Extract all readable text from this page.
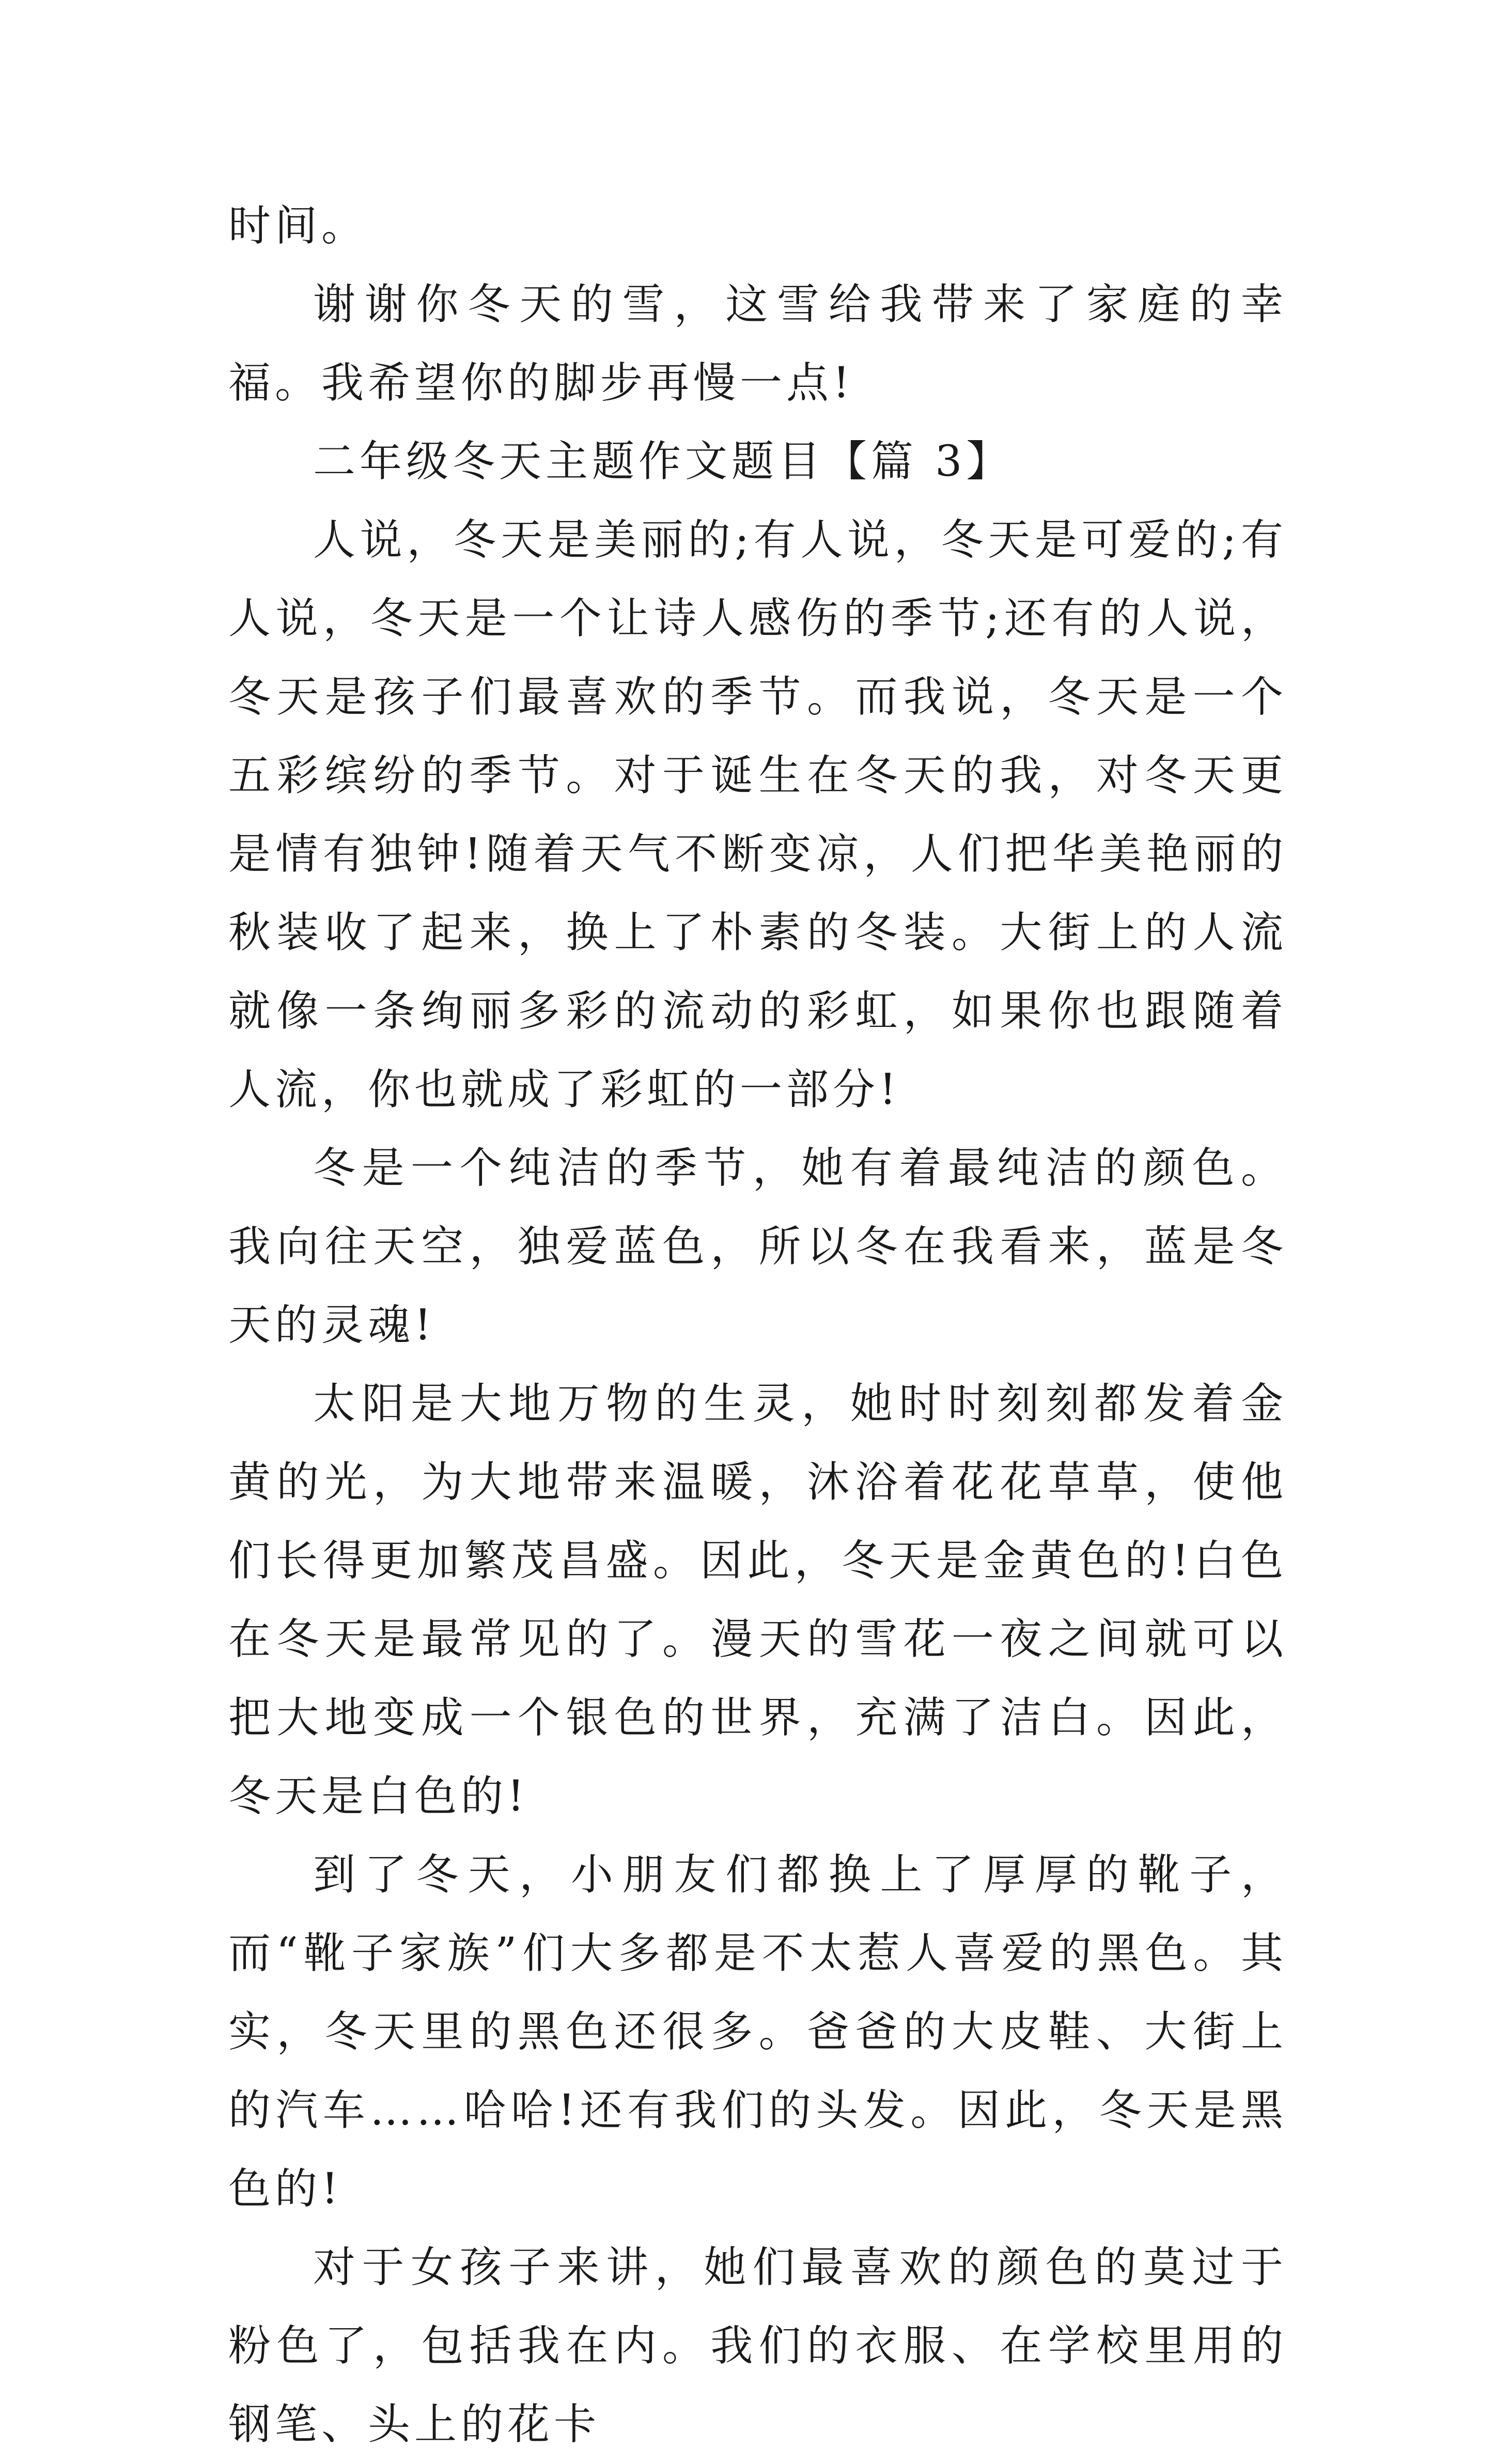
时间。

谢谢你冬天的雪，这雪给我带来了家庭的幸福。我希望你的脚步再慢一点!

二年级冬天主题作文题目【篇 3】

人说，冬天是美丽的;有人说，冬天是可爱的;有人说，冬天是一个让诗人感伤的季节;还有的人说，冬天是孩子们最喜欢的季节。而我说，冬天是一个五彩缤纷的季节。对于诞生在冬天的我，对冬天更是情有独钟!随着天气不断变凉，人们把华美艳丽的秋装收了起来，换上了朴素的冬装。大街上的人流就像一条绚丽多彩的流动的彩虹，如果你也跟随着人流，你也就成了彩虹的一部分!

冬是一个纯洁的季节，她有着最纯洁的颜色。我向往天空，独爱蓝色，所以冬在我看来，蓝是冬天的灵魂!

太阳是大地万物的生灵，她时时刻刻都发着金黄的光，为大地带来温暖，沐浴着花花草草，使他们长得更加繁茂昌盛。因此，冬天是金黄色的!白色在冬天是最常见的了。漫天的雪花一夜之间就可以把大地变成一个银色的世界，充满了洁白。因此，冬天是白色的!

到了冬天，小朋友们都换上了厚厚的靴子，而“靴子家族”们大多都是不太惹人喜爱的黑色。其实，冬天里的黑色还很多。爸爸的大皮鞋、大街上的汽车……哈哈!还有我们的头发。因此，冬天是黑色的!

对于女孩子来讲，她们最喜欢的颜色的莫过于粉色了，包括我在内。我们的衣服、在学校里用的钢笔、头上的花卡
